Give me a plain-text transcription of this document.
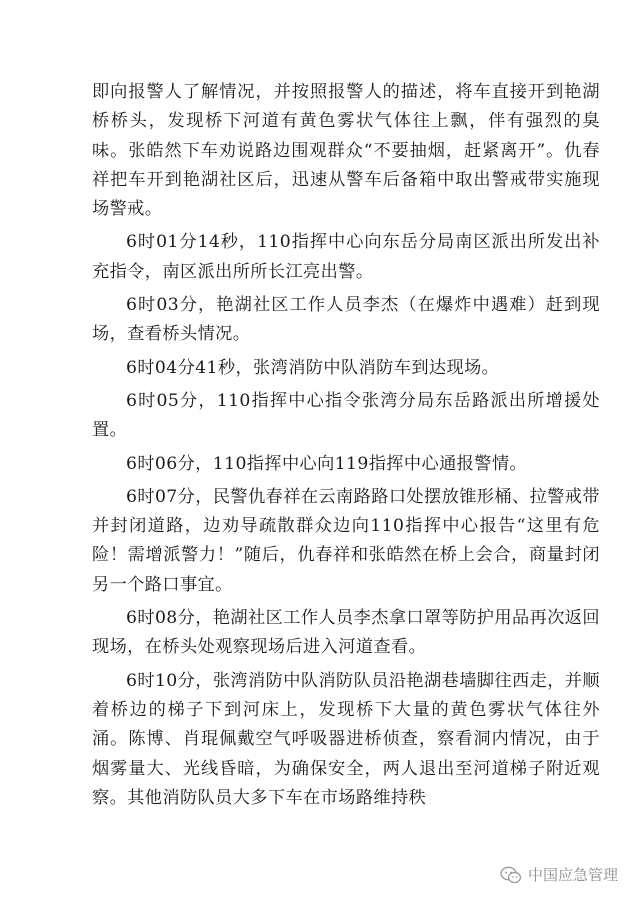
即向报警人了解情况，并按照报警人的描述，将车直接开到艳湖桥桥头，发现桥下河道有黄色雾状气体往上飘，伴有强烈的臭味。张皓然下车劝说路边围观群众“不要抽烟，赶紧离开”。仇春祥把车开到艳湖社区后，迅速从警车后备箱中取出警戒带实施现场警戒。

6时01分14秒，110指挥中心向东岳分局南区派出所发出补充指令，南区派出所所长江亮出警。

6时03分，艳湖社区工作人员李杰（在爆炸中遇难）赶到现场，查看桥头情况。

6时04分41秒，张湾消防中队消防车到达现场。

6时05分，110指挥中心指令张湾分局东岳路派出所增援处置。

6时06分，110指挥中心向119指挥中心通报警情。

6时07分，民警仇春祥在云南路路口处摆放锥形桶、拉警戒带并封闭道路，边劝导疏散群众边向110指挥中心报告“这里有危险！需增派警力！”随后，仇春祥和张皓然在桥上会合，商量封闭另一个路口事宜。

6时08分，艳湖社区工作人员李杰拿口罩等防护用品再次返回现场，在桥头处观察现场后进入河道查看。

6时10分，张湾消防中队消防队员沿艳湖巷墙脚往西走，并顺着桥边的梯子下到河床上，发现桥下大量的黄色雾状气体往外涌。陈博、肖琨佩戴空气呼吸器进桥侦查，察看洞内情况，由于烟雾量大、光线昏暗，为确保安全，两人退出至河道梯子附近观察。其他消防队员大多下车在市场路维持秩

中国应急管理
